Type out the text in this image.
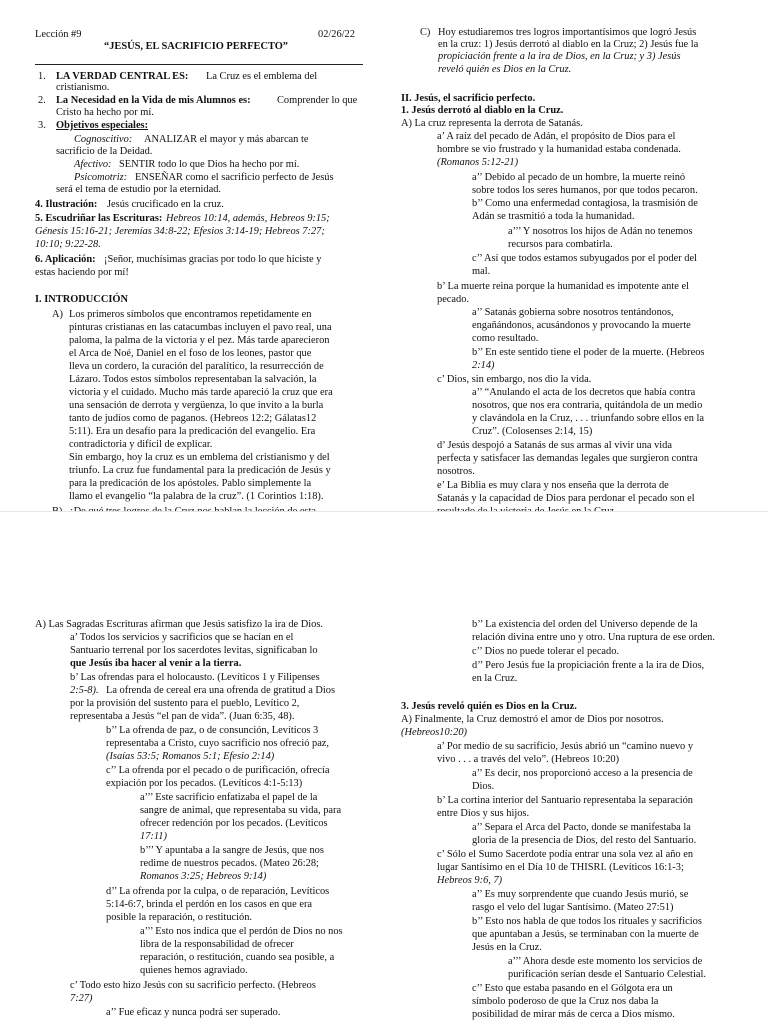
Lección #9	02/26/22
“JESÚS, EL SACRIFICIO PERFECTO”
1. LA VERDAD CENTRAL ES: La Cruz es el emblema del
cristianismo.
2. La Necesidad en la Vida de mis Alumnos es:	Comprender lo que
Cristo ha hecho por mí.
3. Objetivos especiales:
Cognoscitivo: ANALIZAR el mayor y más abarcan te
sacrificio de la Deidad.
Afectivo: SENTIR todo lo que Dios ha hecho por mí.
Psicomotriz: ENSEÑAR como el sacrificio perfecto de Jesús
será el tema de estudio por la eternidad.
4. Ilustración: Jesús crucificado en la cruz.
5. Escudriñar las Escrituras: Hebreos 10:14, además, Hebreos 9:15;
Génesis 15:16-21; Jeremías 34:8-22; Efesios 3:14-19; Hebreos 7:27;
10:10; 9:22-28.
6. Aplicación: ¡Señor, muchísimas gracias por todo lo que hiciste y
estas haciendo por mí!
I. INTRODUCCIÓN
A) Los primeros símbolos que encontramos repetidamente en
pinturas cristianas en las catacumbas incluyen el pavo real, una
paloma, la palma de la victoria y el pez. Más tarde aparecieron
el Arca de Noé, Daniel en el foso de los leones, pastor que
lleva un cordero, la curación del paralítico, la resurrección de
Lázaro. Todos estos símbolos representaban la salvación, la
victoria y el cuidado. Mucho más tarde apareció la cruz que era
una sensación de derrota y vergüenza, lo que invito a la burla
tanto de judíos como de paganos. (Hebreos 12:2; Gálatas12
5:11). Era un desafío para la predicación del evangelio. Era
contradictoria y difícil de explicar.
Sin embargo, hoy la cruz es un emblema del cristianismo y del
triunfo. La cruz fue fundamental para la predicación de Jesús y
para la predicación de los apóstoles. Pablo simplemente la
llamo el evangelio “la palabra de la cruz”. (1 Corintios 1:18).
C) Hoy estudiaremos tres logros importantísimos que logró Jesús
en la cruz: 1) Jesús derrotó al diablo en la Cruz; 2) Jesús fue la
propiciación frente a la ira de Dios, en la Cruz; y 3) Jesús
reveló quién es Dios en la Cruz.
II. Jesús, el sacrificio perfecto.
1. Jesús derrotó al diablo en la Cruz.
A) La cruz representa la derrota de Satanás.
a’ A raíz del pecado de Adán, el propósito de Dios para el
hombre se vio frustrado y la humanidad estaba condenada.
(Romanos 5:12-21)
a’’ Debido al pecado de un hombre, la muerte reinó
sobre todos los seres humanos, por que todos pecaron.
b’’ Como una enfermedad contagiosa, la trasmisión de
Adán se trasmitió a toda la humanidad.
a’’’ Y nosotros los hijos de Adán no tenemos
recursos para combatirla.
c’’ Así que todos estamos subyugados por el poder del
mal.
b’ La muerte reina porque la humanidad es impotente ante el
pecado.
a’’ Satanás gobierna sobre nosotros tentándonos,
engañándonos, acusándonos y provocando la muerte
como resultado.
b’’ En este sentido tiene el poder de la muerte. (Hebreos
2:14)
c’ Dios, sin embargo, nos dio la vida.
a’’ “Anulando el acta de los decretos que había contra
nosotros, que nos era contraria, quitándola de un medio
y clavándola en la Cruz, . . . triunfando sobre ellos en la
Cruz”. (Colosenses 2:14, 15)
d’ Jesús despojó a Satanás de sus armas al vivir una vida
perfecta y satisfacer las demandas legales que surgieron contra
nosotros.
e’ La Biblia es muy clara y nos enseña que la derrota de
Satanás y la capacidad de Dios para perdonar el pecado son el
A) Las Sagradas Escrituras afirman que Jesús satisfizo la ira de Dios.
a’ Todos los servicios y sacrificios que se hacían en el
Santuario terrenal por los sacerdotes levitas, significaban lo
que Jesús iba hacer al venir a la tierra.
b’ Las ofrendas para el holocausto. (Levíticos 1 y Filipenses
2:5-8). La ofrenda de cereal era una ofrenda de gratitud a Dios
por la provisión del sustento para el pueblo, Levítico 2,
representaba a Jesús “el pan de vida”. (Juan 6:35, 48).
b’’ La ofrenda de paz, o de consunción, Levíticos 3
representaba a Cristo, cuyo sacrificio nos ofreció paz,
(Isaías 53:5; Romanos 5:1; Efesio 2:14)
c’’ La ofrenda por el pecado o de purificación, ofrecía
expiación por los pecados. (Levíticos 4:1-5:13)
a’’’ Este sacrificio enfatizaba el papel de la
sangre de animal, que representaba su vida, para
ofrecer redención por los pecados. (Levíticos
17:11)
b’’’ Y apuntaba a la sangre de Jesús, que nos
redime de nuestros pecados. (Mateo 26:28;
Romanos 3:25; Hebreos 9:14)
d’’ La ofrenda por la culpa, o de reparación, Levíticos
5:14-6:7, brinda el perdón en los casos en que era
posible la reparación, o restitución.
a’’’ Esto nos indica que el perdón de Dios no nos
libra de la responsabilidad de ofrecer
reparación, o restitución, cuando sea posible, a
quienes hemos agraviado.
c’ Todo esto hizo Jesús con su sacrificio perfecto. (Hebreos
7:27)
a’’ Fue eficaz y nunca podrá ser superado.
b’’ La existencia del orden del Universo depende de la
relación divina entre uno y otro. Una ruptura de ese orden.
c’’ Dios no puede tolerar el pecado.
d’’ Pero Jesús fue la propiciación frente a la ira de Dios,
en la Cruz.
3. Jesús reveló quién es Dios en la Cruz.
A) Finalmente, la Cruz demostró el amor de Dios por nosotros.
(Hebreos10:20)
a’ Por medio de su sacrificio, Jesús abrió un “camino nuevo y
vivo . . . a través del velo”. (Hebreos 10:20)
a’’ Es decir, nos proporcionó acceso a la presencia de
Dios.
b’ La cortina interior del Santuario representaba la separación
entre Dios y sus hijos.
a’’ Separa el Arca del Pacto, donde se manifestaba la
gloria de la presencia de Dios, del resto del Santuario.
c’ Sólo el Sumo Sacerdote podía entrar una sola vez al año en
lugar Santísimo en el Día 10 de THISRI. (Levíticos 16:1-3;
Hebreos 9:6, 7)
a’’ Es muy sorprendente que cuando Jesús murió, se
rasgo el velo del lugar Santísimo. (Mateo 27:51)
b’’ Esto nos habla de que todos los rituales y sacrificios
que apuntaban a Jesús, se terminaban con la muerte de
Jesús en la Cruz.
a’’’ Ahora desde este momento los servicios de
purificación serían desde el Santuario Celestial.
c’’ Esto que estaba pasando en el Gólgota era un
símbolo poderoso de que la Cruz nos daba la
posibilidad de mirar más de cerca a Dios mismo.
